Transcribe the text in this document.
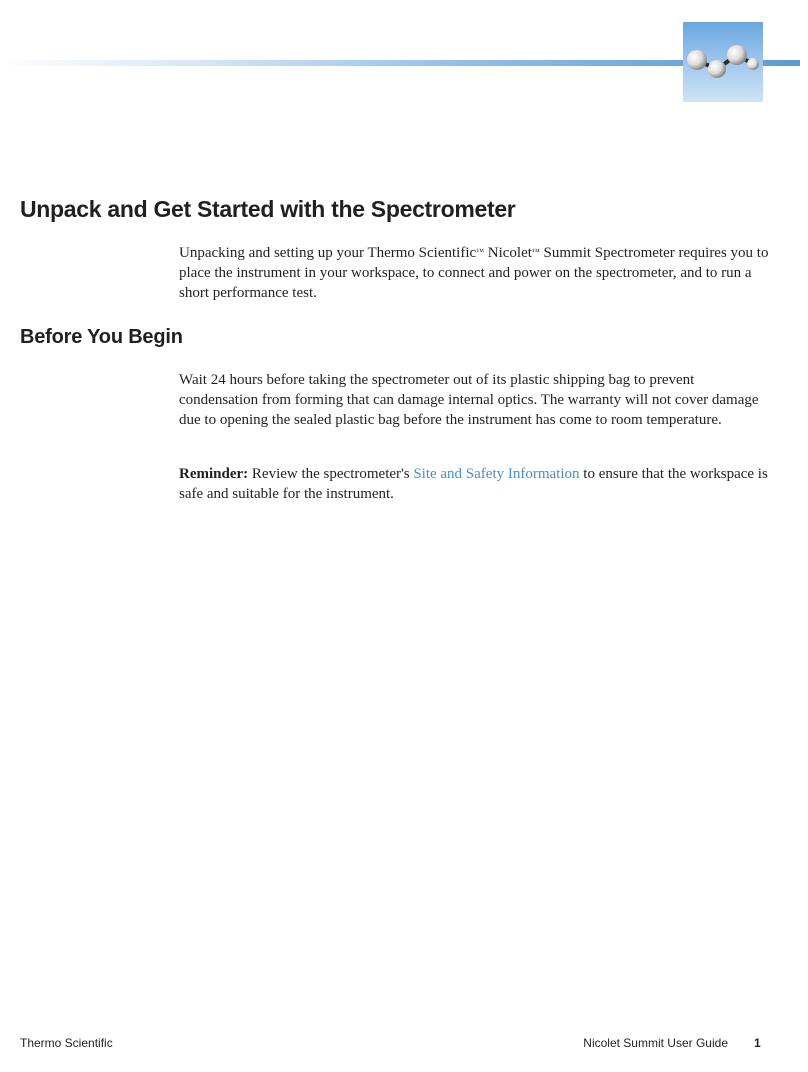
Unpack and Get Started with the Spectrometer

Unpacking and setting up your Thermo Scientific™ Nicolet™ Summit Spectrometer requires you to place the instrument in your workspace, to connect and power on the spectrometer, and to run a short performance test.

Before You Begin

Wait 24 hours before taking the spectrometer out of its plastic shipping bag to prevent condensation from forming that can damage internal optics. The warranty will not cover damage due to opening the sealed plastic bag before the instrument has come to room temperature.

Reminder: Review the spectrometer's Site and Safety Information to ensure that the workspace is safe and suitable for the instrument.

Thermo Scientific	Nicolet Summit User Guide 1
